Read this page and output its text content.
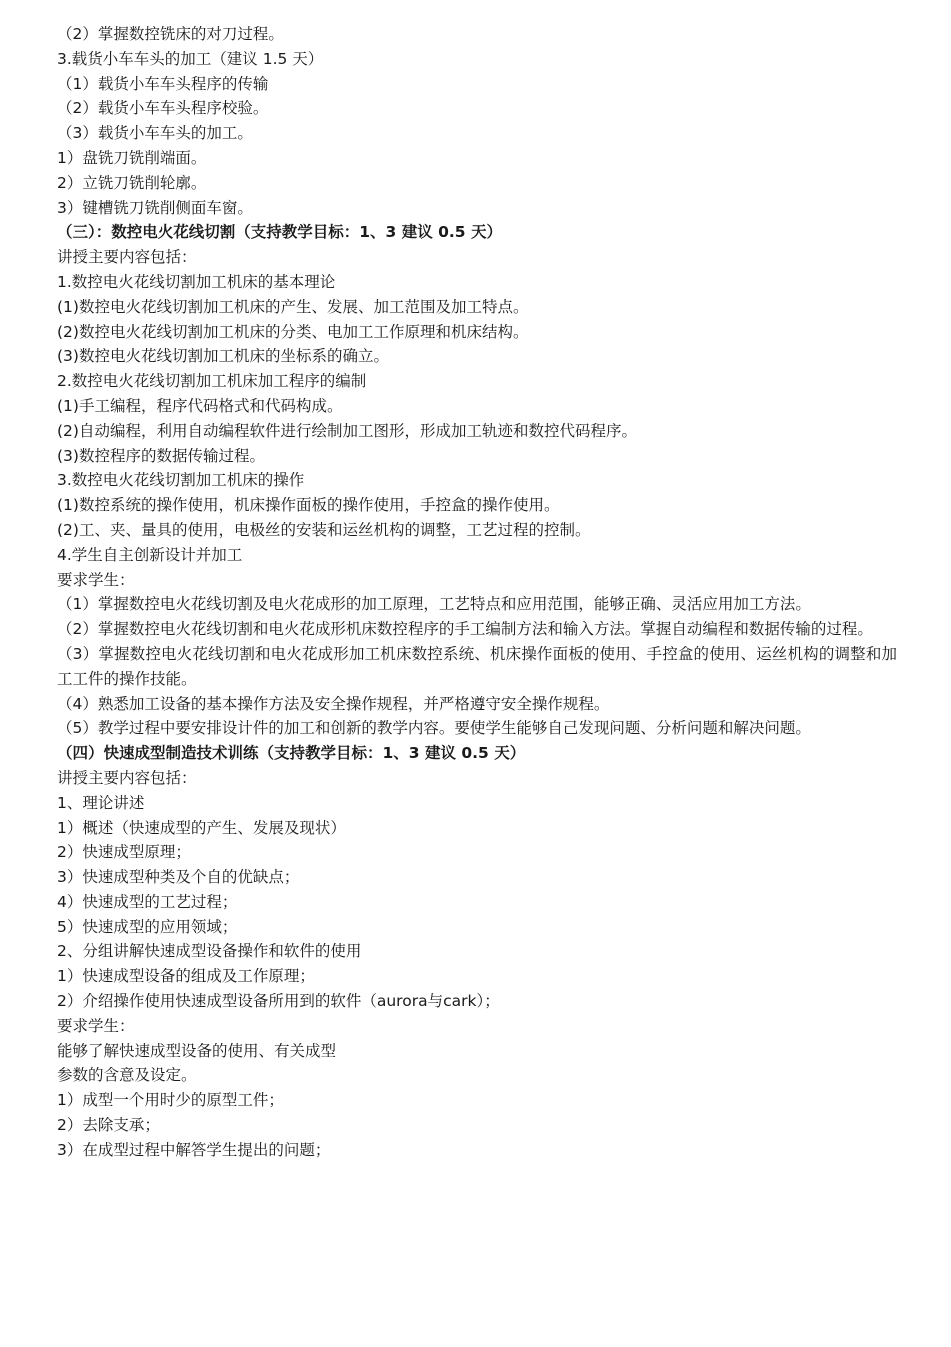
（2）掌握数控铣床的对刀过程。
3.载货小车车头的加工（建议 1.5 天）
（1）载货小车车头程序的传输
（2）载货小车车头程序校验。
（3）载货小车车头的加工。
1）盘铣刀铣削端面。
2）立铣刀铣削轮廓。
3）键槽铣刀铣削侧面车窗。
（三）：数控电火花线切割（支持教学目标：1、3 建议 0.5 天）
讲授主要内容包括：
1.数控电火花线切割加工机床的基本理论
(1)数控电火花线切割加工机床的产生、发展、加工范围及加工特点。
(2)数控电火花线切割加工机床的分类、电加工工作原理和机床结构。
(3)数控电火花线切割加工机床的坐标系的确立。
2.数控电火花线切割加工机床加工程序的编制
(1)手工编程，程序代码格式和代码构成。
(2)自动编程，利用自动编程软件进行绘制加工图形，形成加工轨迹和数控代码程序。
(3)数控程序的数据传输过程。
3.数控电火花线切割加工机床的操作
(1)数控系统的操作使用，机床操作面板的操作使用，手控盒的操作使用。
(2)工、夹、量具的使用，电极丝的安装和运丝机构的调整，工艺过程的控制。
4.学生自主创新设计并加工
要求学生：
（1）掌握数控电火花线切割及电火花成形的加工原理，工艺特点和应用范围，能够正确、灵活应用加工方法。
（2）掌握数控电火花线切割和电火花成形机床数控程序的手工编制方法和输入方法。掌握自动编程和数据传输的过程。
（3）掌握数控电火花线切割和电火花成形加工机床数控系统、机床操作面板的使用、手控盒的使用、运丝机构的调整和加工工件的操作技能。
（4）熟悉加工设备的基本操作方法及安全操作规程，并严格遵守安全操作规程。
（5）教学过程中要安排设计件的加工和创新的教学内容。要使学生能够自己发现问题、分析问题和解决问题。
（四）快速成型制造技术训练（支持教学目标：1、3 建议 0.5 天）
讲授主要内容包括：
1、理论讲述
1）概述（快速成型的产生、发展及现状）
2）快速成型原理；
3）快速成型种类及个自的优缺点；
4）快速成型的工艺过程；
5）快速成型的应用领域；
2、分组讲解快速成型设备操作和软件的使用
1）快速成型设备的组成及工作原理；
2）介绍操作使用快速成型设备所用到的软件（aurora与cark）；
要求学生：
能够了解快速成型设备的使用、有关成型
参数的含意及设定。
1）成型一个用时少的原型工件；
2）去除支承；
3）在成型过程中解答学生提出的问题；
